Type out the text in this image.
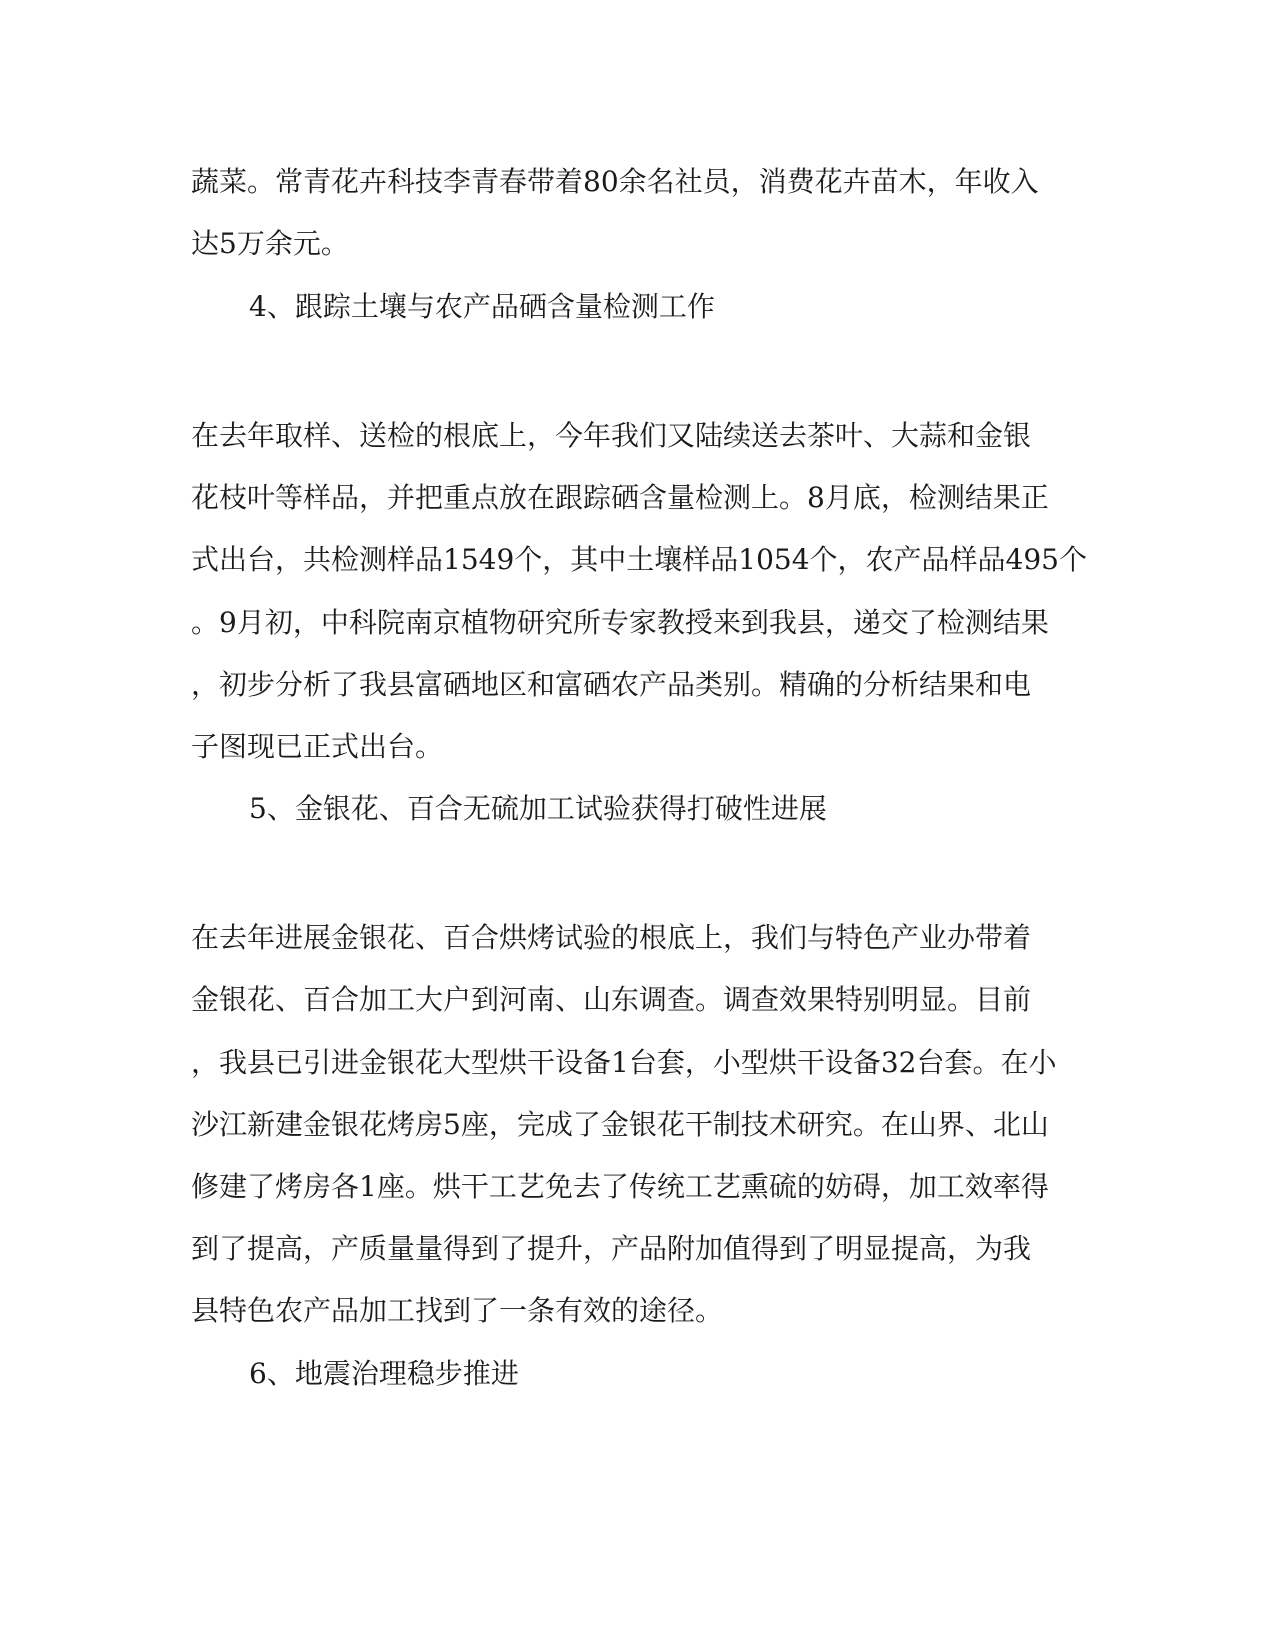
蔬菜。常青花卉科技李青春带着80余名社员，消费花卉苗木，年收入
达5万余元。
4、跟踪土壤与农产品硒含量检测工作
在去年取样、送检的根底上，今年我们又陆续送去茶叶、大蒜和金银
花枝叶等样品，并把重点放在跟踪硒含量检测上。8月底，检测结果正
式出台，共检测样品1549个，其中土壤样品1054个，农产品样品495个
。9月初，中科院南京植物研究所专家教授来到我县，递交了检测结果
，初步分析了我县富硒地区和富硒农产品类别。精确的分析结果和电
子图现已正式出台。
5、金银花、百合无硫加工试验获得打破性进展
在去年进展金银花、百合烘烤试验的根底上，我们与特色产业办带着
金银花、百合加工大户到河南、山东调查。调查效果特别明显。目前
，我县已引进金银花大型烘干设备1台套，小型烘干设备32台套。在小
沙江新建金银花烤房5座，完成了金银花干制技术研究。在山界、北山
修建了烤房各1座。烘干工艺免去了传统工艺熏硫的妨碍，加工效率得
到了提高，产质量量得到了提升，产品附加值得到了明显提高，为我
县特色农产品加工找到了一条有效的途径。
6、地震治理稳步推进
